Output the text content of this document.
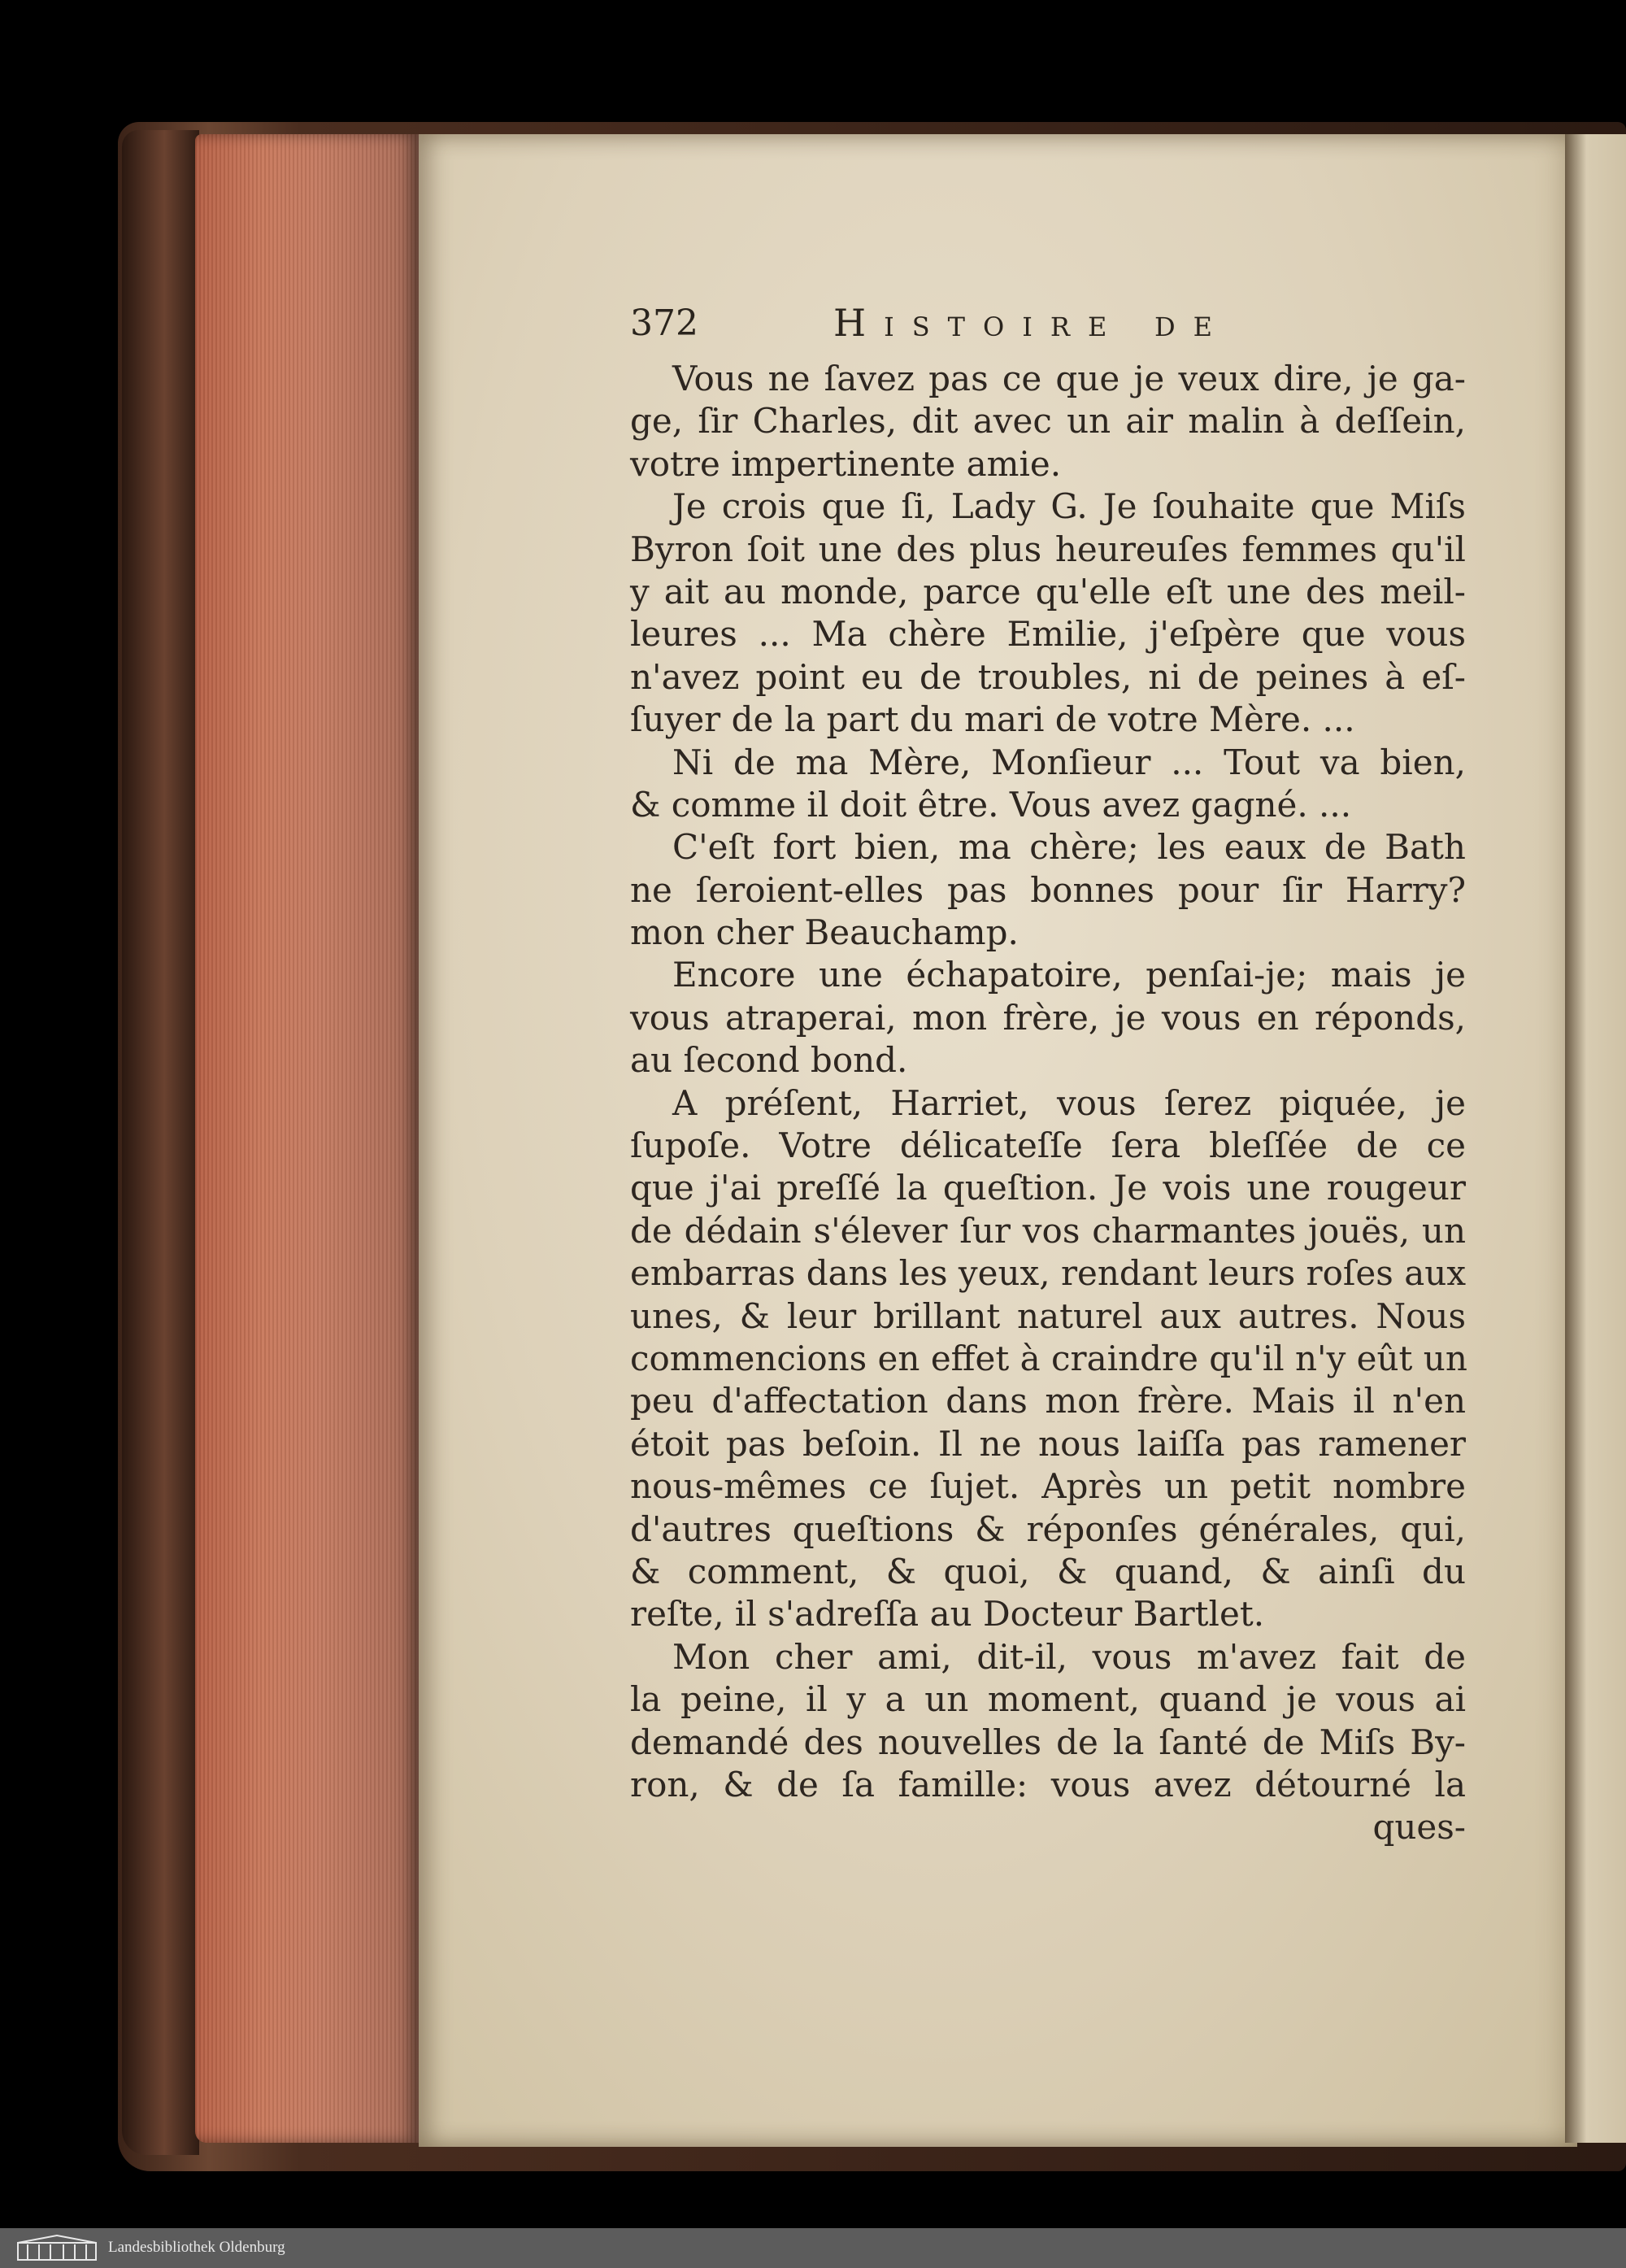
372	Histoire de
Vous ne ſavez pas ce que je veux dire, je ga-
ge, ſir Charles, dit avec un air malin à deſſein,
votre impertinente amie.
Je crois que ſi, Lady G. Je ſouhaite que Miſs
Byron ſoit une des plus heureuſes femmes qu'il
y ait au monde, parce qu'elle eſt une des meil-
leures ... Ma chère Emilie, j'eſpère que vous
n'avez point eu de troubles, ni de peines à eſ-
ſuyer de la part du mari de votre Mère. ...
Ni de ma Mère, Monſieur ... Tout va bien,
& comme il doit être. Vous avez gagné. ...
C'eſt fort bien, ma chère; les eaux de Bath
ne ſeroient-elles pas bonnes pour ſir Harry?
mon cher Beauchamp.
Encore une échapatoire, penſai-je; mais je
vous atraperai, mon frère, je vous en réponds,
au ſecond bond.
A préſent, Harriet, vous ſerez piquée, je
ſupoſe. Votre délicateſſe ſera bleſſée de ce
que j'ai preſſé la queſtion. Je vois une rougeur
de dédain s'élever ſur vos charmantes jouës, un
embarras dans les yeux, rendant leurs roſes aux
unes, & leur brillant naturel aux autres. Nous
commencions en effet à craindre qu'il n'y eût un
peu d'affectation dans mon frère. Mais il n'en
étoit pas beſoin. Il ne nous laiſſa pas ramener
nous-mêmes ce ſujet. Après un petit nombre
d'autres queſtions & réponſes générales, qui,
& comment, & quoi, & quand, & ainſi du
reſte, il s'adreſſa au Docteur Bartlet.
Mon cher ami, dit-il, vous m'avez fait de
la peine, il y a un moment, quand je vous ai
demandé des nouvelles de la ſanté de Miſs By-
ron, & de ſa famille: vous avez détourné la
ques-
Landesbibliothek Oldenburg
